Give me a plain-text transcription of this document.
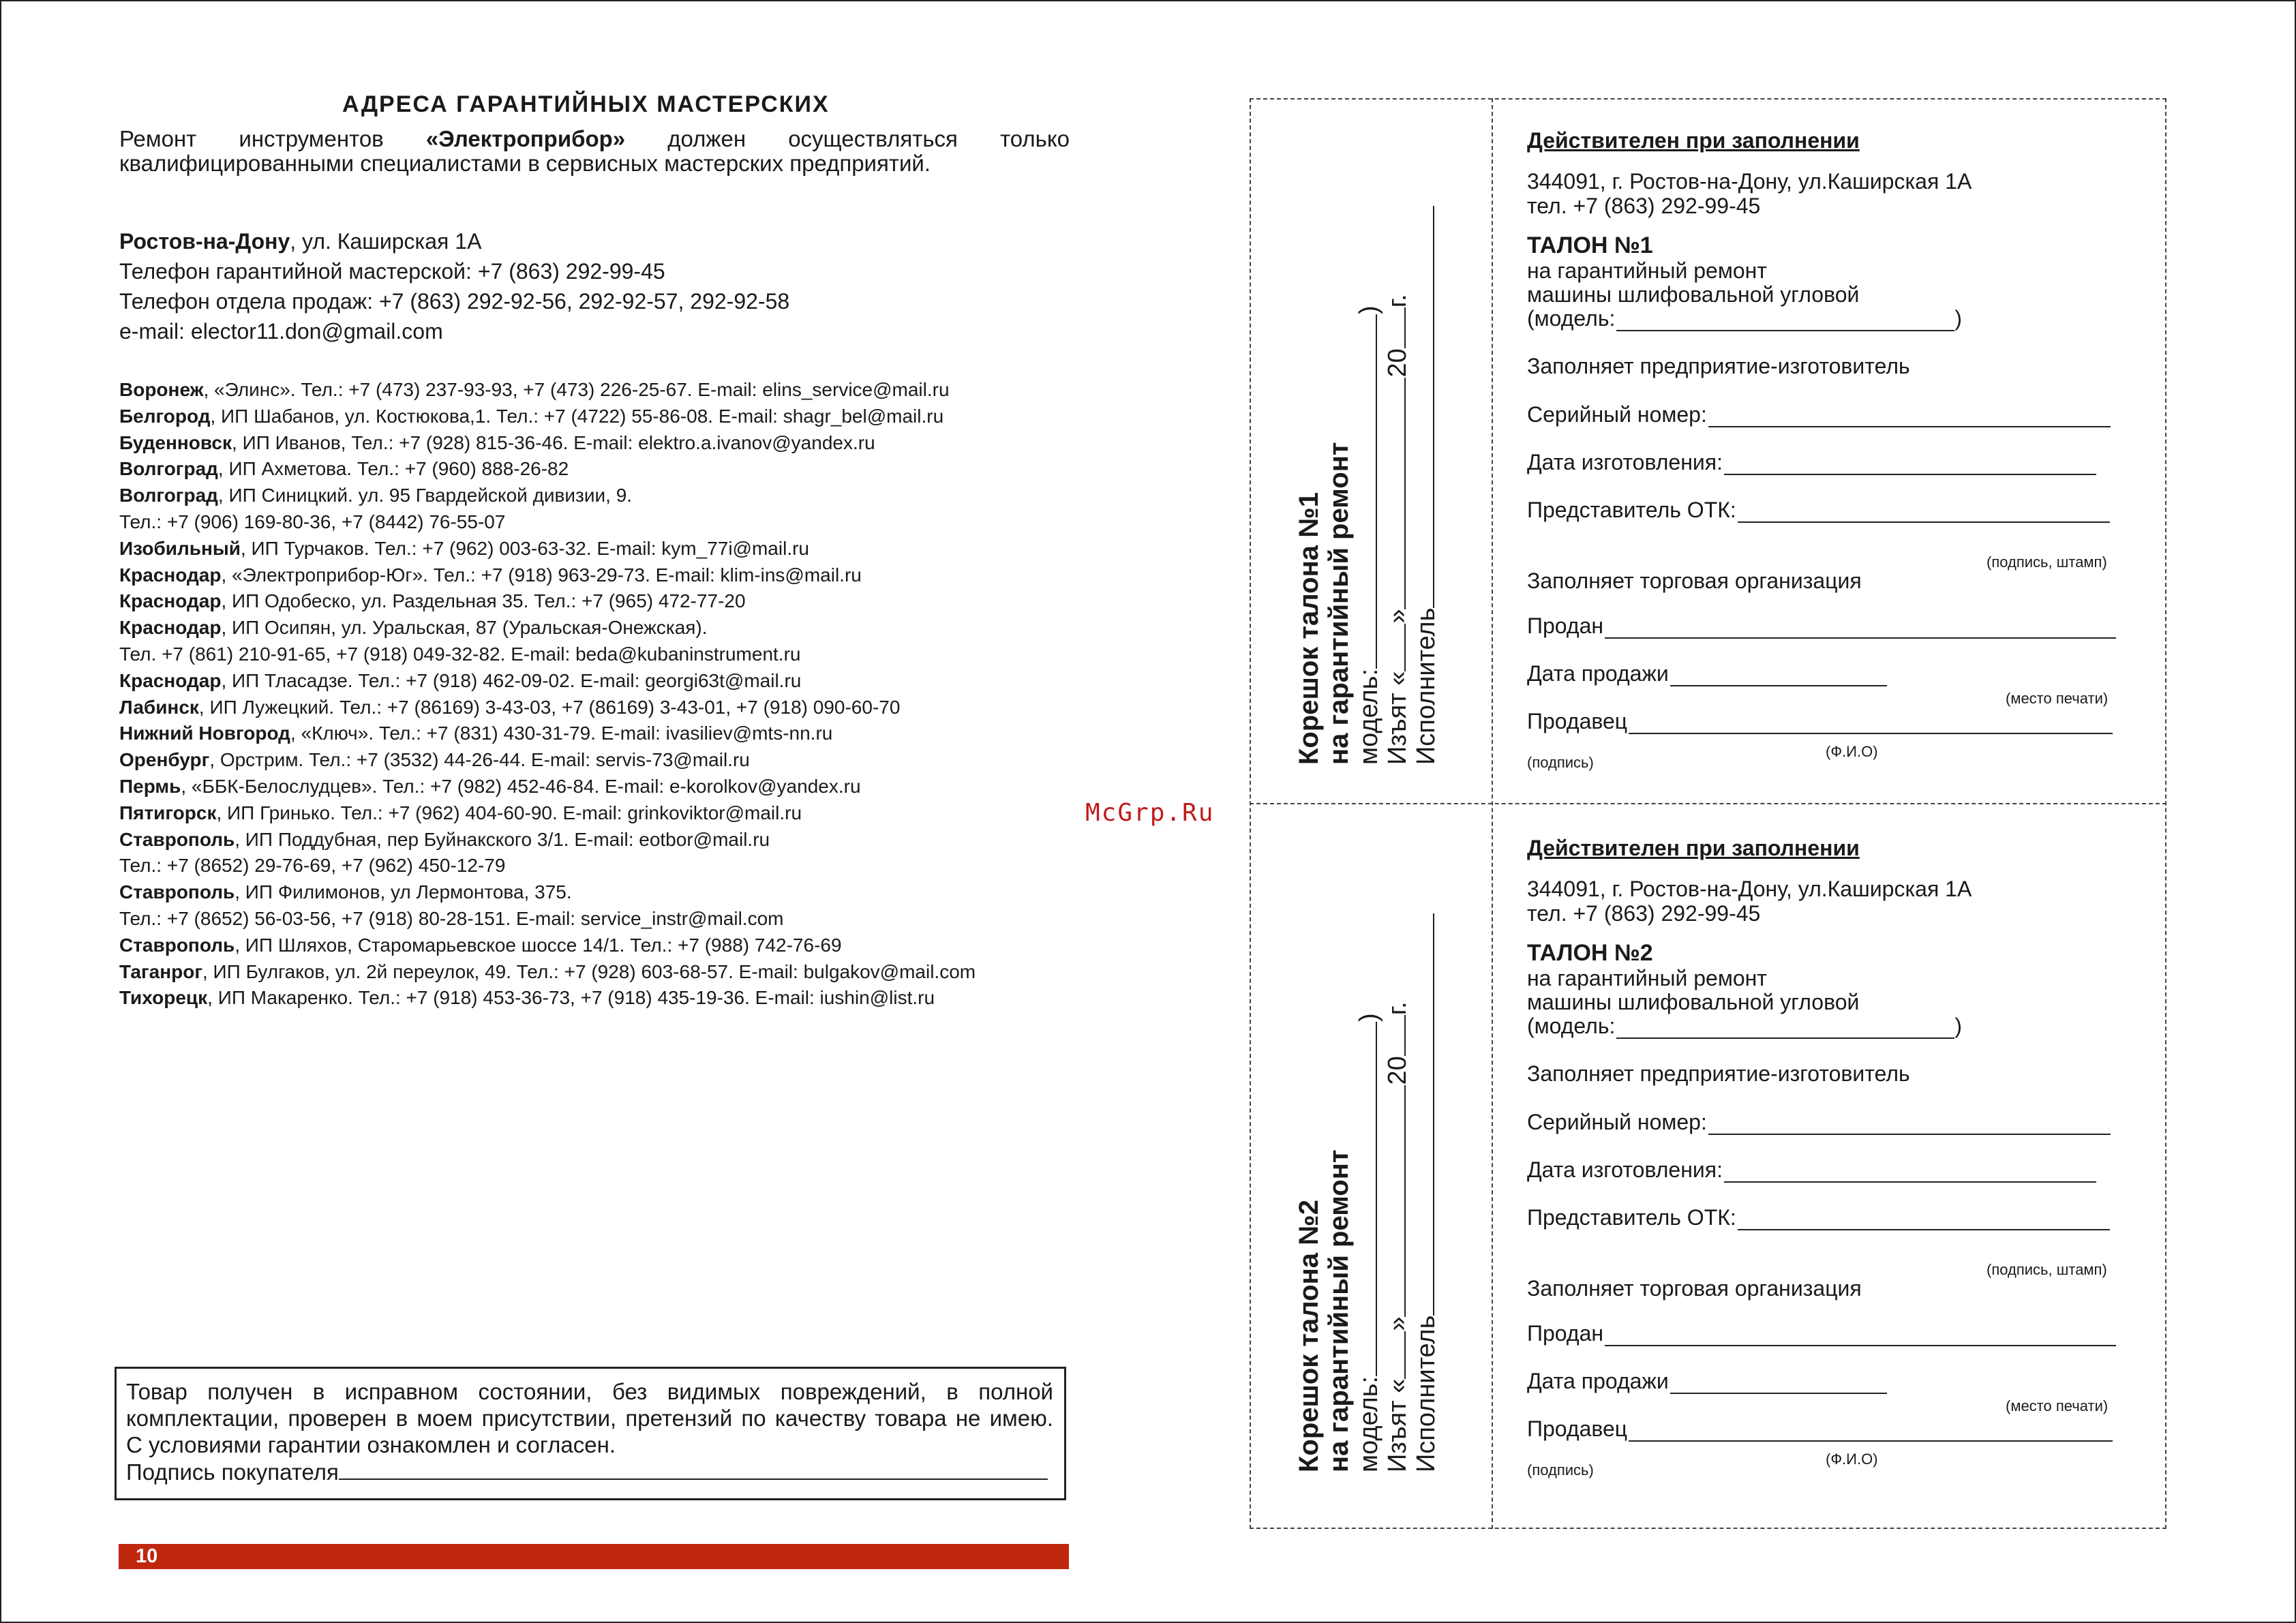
АДРЕСА ГАРАНТИЙНЫХ МАСТЕРСКИХ
Ремонт инструментов «Электроприбор» должен осуществляться только квалифицированными специалистами в сервисных мастерских предприятий.
Ростов-на-Дону, ул. Каширская 1А
Телефон гарантийной мастерской: +7 (863) 292-99-45
Телефон отдела продаж: +7 (863) 292-92-56, 292-92-57, 292-92-58
e-mail: elector11.don@gmail.com
Воронеж, «Элинс». Тел.: +7 (473) 237-93-93, +7 (473) 226-25-67. E-mail: elins_service@mail.ru
Белгород, ИП Шабанов, ул. Костюкова,1. Тел.: +7 (4722) 55-86-08. E-mail: shagr_bel@mail.ru
Буденновск, ИП Иванов, Тел.: +7 (928) 815-36-46. E-mail: elektro.a.ivanov@yandex.ru
Волгоград, ИП Ахметова. Тел.: +7 (960) 888-26-82
Волгоград, ИП Синицкий. ул. 95 Гвардейской дивизии, 9.
Тел.: +7 (906) 169-80-36, +7 (8442) 76-55-07
Изобильный, ИП Турчаков. Тел.: +7 (962) 003-63-32. E-mail: kym_77i@mail.ru
Краснодар, «Электроприбор-Юг». Тел.: +7 (918) 963-29-73. E-mail: klim-ins@mail.ru
Краснодар, ИП Одобеско, ул. Раздельная 35. Тел.: +7 (965) 472-77-20
Краснодар, ИП Осипян, ул. Уральская, 87 (Уральская-Онежская).
Тел. +7 (861) 210-91-65, +7 (918) 049-32-82. E-mail: beda@kubaninstrument.ru
Краснодар, ИП Тласадзе. Тел.: +7 (918) 462-09-02. E-mail: georgi63t@mail.ru
Лабинск, ИП Лужецкий. Тел.: +7 (86169) 3-43-03, +7 (86169) 3-43-01, +7 (918) 090-60-70
Нижний Новгород, «Ключ». Тел.: +7 (831) 430-31-79. E-mail: ivasiliev@mts-nn.ru
Оренбург, Орстрим. Тел.: +7 (3532) 44-26-44. E-mail: servis-73@mail.ru
Пермь, «ББК-Белослудцев». Тел.: +7 (982) 452-46-84. E-mail: e-korolkov@yandex.ru
Пятигорск, ИП Гринько. Тел.: +7 (962) 404-60-90. E-mail: grinkoviktor@mail.ru
Ставрополь, ИП Поддубная, пер Буйнакского 3/1. E-mail: eotbor@mail.ru
Тел.: +7 (8652) 29-76-69, +7 (962) 450-12-79
Ставрополь, ИП Филимонов, ул Лермонтова, 375.
Тел.: +7 (8652) 56-03-56, +7 (918) 80-28-151. E-mail: service_instr@mail.com
Ставрополь, ИП Шляхов, Старомарьевское шоссе 14/1. Тел.: +7 (988) 742-76-69
Таганрог, ИП Булгаков, ул. 2й переулок, 49. Тел.: +7 (928) 603-68-57. E-mail: bulgakov@mail.com
Тихорецк, ИП Макаренко. Тел.: +7 (918) 453-36-73, +7 (918) 435-19-36. E-mail: iushin@list.ru
Товар получен в исправном состоянии, без видимых повреждений, в полной
комплектации, проверен в моем присутствии, претензий по качеству товара не имею.
С условиями гарантии ознакомлен и согласен.
Подпись покупателя
10
McGrp.Ru
Корешок талона №1 на гарантийный ремонт модель:)
Изъят «»20г.
Исполнитель
Корешок талона №2 на гарантийный ремонт модель:)
Изъят «»20г.
Исполнитель
Действителен при заполнении
344091, г. Ростов-на-Дону, ул.Каширская 1А
тел. +7 (863) 292-99-45
ТАЛОН №1
на гарантийный ремонт
машины шлифовальной угловой
(модель:	)
Заполняет предприятие-изготовитель
Серийный номер:
Дата изготовления:
Представитель ОТК:
(подпись, штамп)
Заполняет торговая организация
Продан
Дата продажи
(место печати)
Продавец
(подпись)
(Ф.И.О)
Действителен при заполнении
344091, г. Ростов-на-Дону, ул.Каширская 1А
тел. +7 (863) 292-99-45
ТАЛОН №2
на гарантийный ремонт
машины шлифовальной угловой
(модель:	)
Заполняет предприятие-изготовитель
Серийный номер:
Дата изготовления:
Представитель ОТК:
(подпись, штамп)
Заполняет торговая организация
Продан
Дата продажи
(место печати)
Продавец
(подпись)
(Ф.И.О)
